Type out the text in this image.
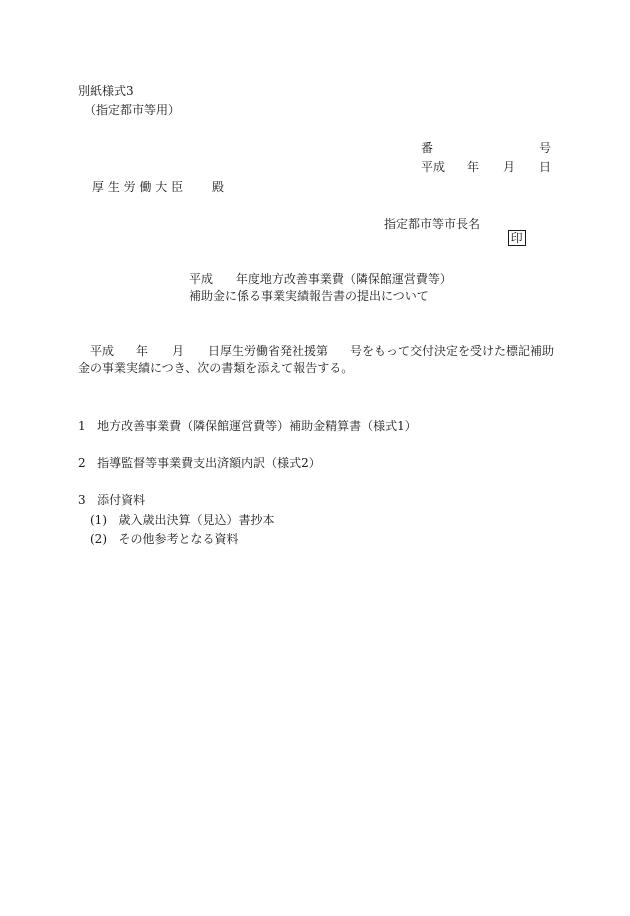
別紙様式3
（指定都市等用）
番	号
平成 年 月 日
厚 生 労 働 大 臣 殿
指定都市等市長名

印

平成 年度地方改善事業費（隣保館運営費等）
補助金に係る事業実績報告書の提出について
平成 年 月 日厚生労働省発社援第 号をもって交付決定を受けた標記補助
金の事業実績につき、次の書類を添えて報告する。
1 地方改善事業費（隣保館運営費等）補助金精算書（様式1）
2 指導監督等事業費支出済額内訳（様式2）
3 添付資料
(1) 歳入歳出決算（見込）書抄本
(2) その他参考となる資料
